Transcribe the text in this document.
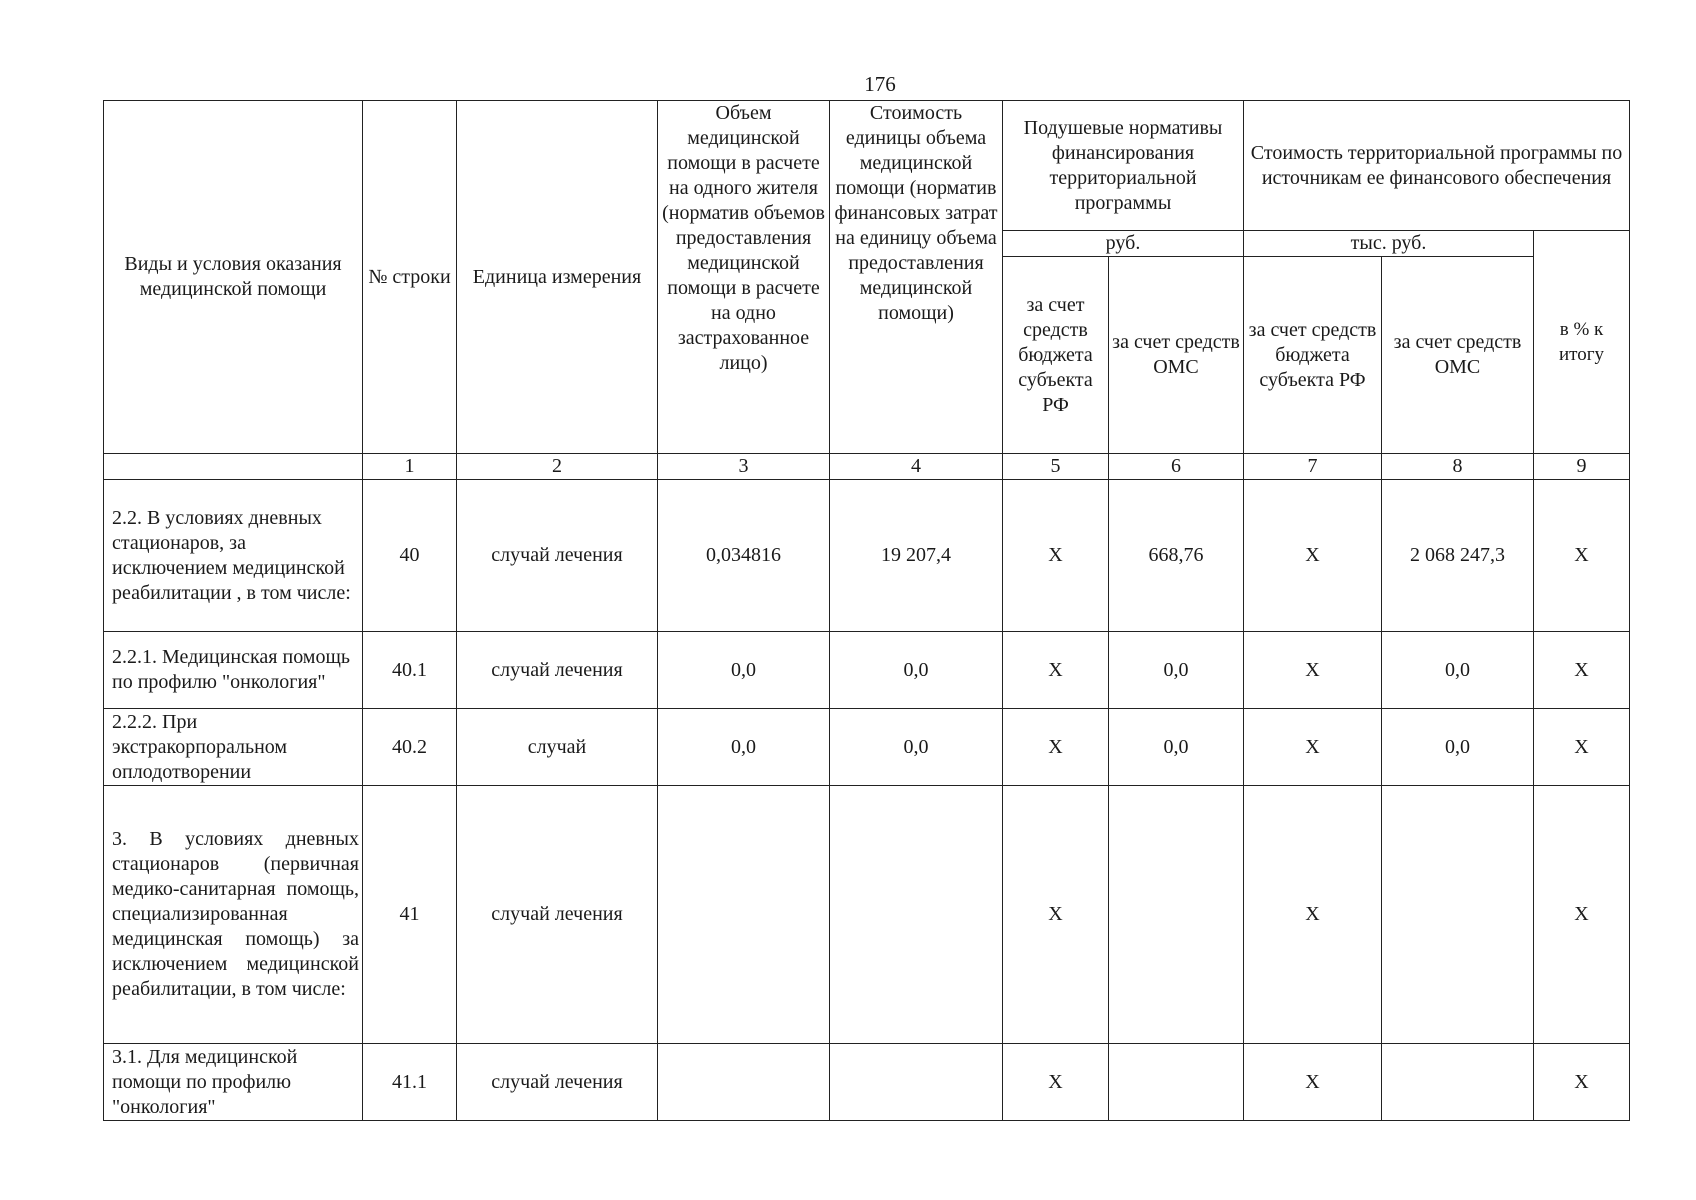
176
Виды и условия оказания медицинской помощи	№ строки	Единица измерения	Объем медицинской помощи в расчете на одного жителя (норматив объемов предоставления медицинской помощи в расчете на одно застрахованное лицо)	Стоимость единицы объема медицинской помощи (норматив финансовых затрат на единицу объема предоставления медицинской помощи)	Подушевые нормативы финансирования территориальной программы		Стоимость территориальной программы по источникам ее финансового обеспечения		
					руб.		тыс. руб.		в % к итогу
					за счет средств бюджета субъекта РФ	за счет средств ОМС	за счет средств бюджета субъекта РФ	за счет средств ОМС	
	1	2	3	4	5	6	7	8	9
2.2. В условиях дневных стационаров, за исключением медицинской реабилитации , в том числе:	40	случай лечения	0,034816	19 207,4	Х	668,76	Х	2 068 247,3	Х
2.2.1. Медицинская помощь по профилю "онкология"	40.1	случай лечения	0,0	0,0	Х	0,0	Х	0,0	Х
2.2.2. При экстракорпоральном оплодотворении	40.2	случай	0,0	0,0	Х	0,0	Х	0,0	Х
3. В условиях дневных стационаров (первичная медико-санитарная помощь, специализированная медицинская помощь) за исключением медицинской реабилитации, в том числе:	41	случай лечения			Х		Х		Х
3.1. Для медицинской помощи по профилю "онкология"	41.1	случай лечения			Х		Х		Х
